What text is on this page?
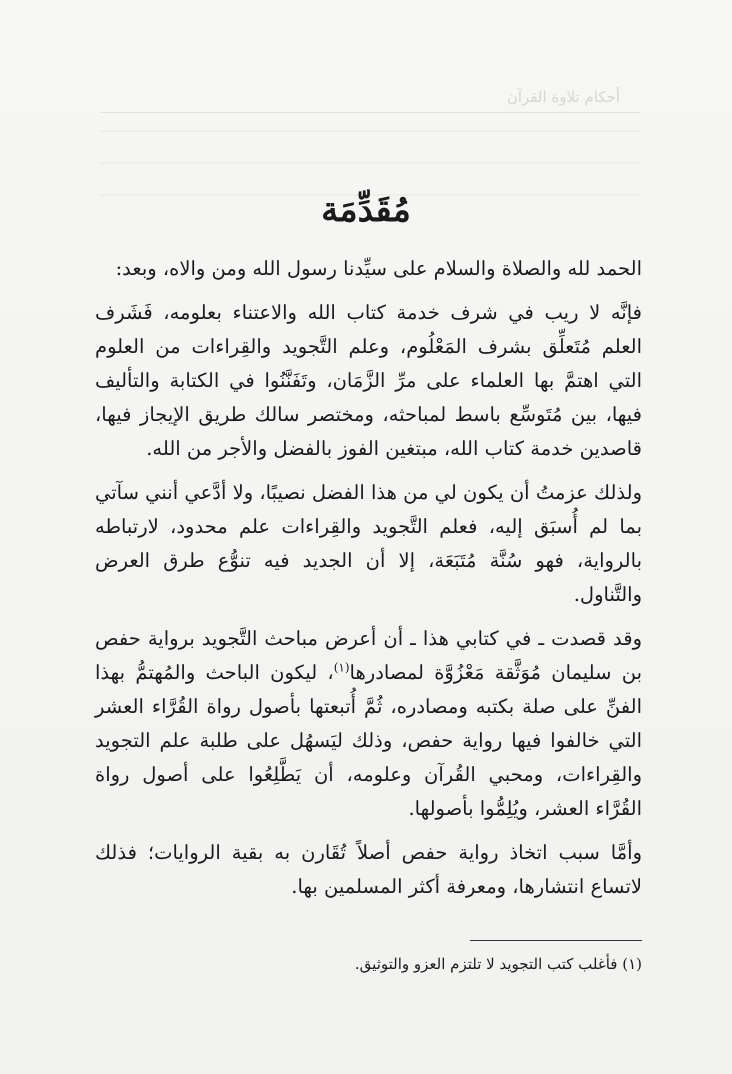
أحكام تلاوة القرآن
مُقَدِّمَة

الحمد لله والصلاة والسلام على سيِّدنا رسول الله ومن والاه، وبعد:

فإنَّه لا ريب في شرف خدمة كتاب الله والاعتناء بعلومه، فَشَرف العلم مُتَعلِّق بشرف المَعْلُوم، وعلم التَّجويد والقِراءات من العلوم التي اهتمَّ بها العلماء على مرِّ الزَّمَان، وتَفَنَّنُوا في الكتابة والتأليف فيها، بين مُتَوسِّع باسط لمباحثه، ومختصر سالك طريق الإيجاز فيها، قاصدين خدمة كتاب الله، مبتغين الفوز بالفضل والأجر من الله.

ولذلك عزمتُ أن يكون لي من هذا الفضل نصيبًا، ولا أدَّعي أنني سآتي بما لم أُسبَق إليه، فعلم التَّجويد والقِراءات علم محدود، لارتباطه بالرواية، فهو سُنَّة مُتَبَعَة، إلا أن الجديد فيه تنوُّع طرق العرض والتَّناول.

وقد قصدت ـ في كتابي هذا ـ أن أعرض مباحث التَّجويد برواية حفص بن سليمان مُوَثَّقة مَعْزُوَّة لمصادرها$^{(١)}$، ليكون الباحث والمُهتمُّ بهذا الفنِّ على صلة بكتبه ومصادره، ثُمَّ أُتبعتها بأصول رواة القُرَّاء العشر التي خالفوا فيها رواية حفص، وذلك ليَسهُل على طلبة علم التجويد والقِراءات، ومحبي القُرآن وعلومه، أن يَطَّلِعُوا على أصول رواة القُرَّاء العشر، ويُلِمُّوا بأصولها.

وأمَّا سبب اتخاذ رواية حفص أصلاً تُقَارن به بقية الروايات؛ فذلك لاتساع انتشارها، ومعرفة أكثر المسلمين بها.

(١) فأغلب كتب التجويد لا تلتزم العزو والتوثيق.
